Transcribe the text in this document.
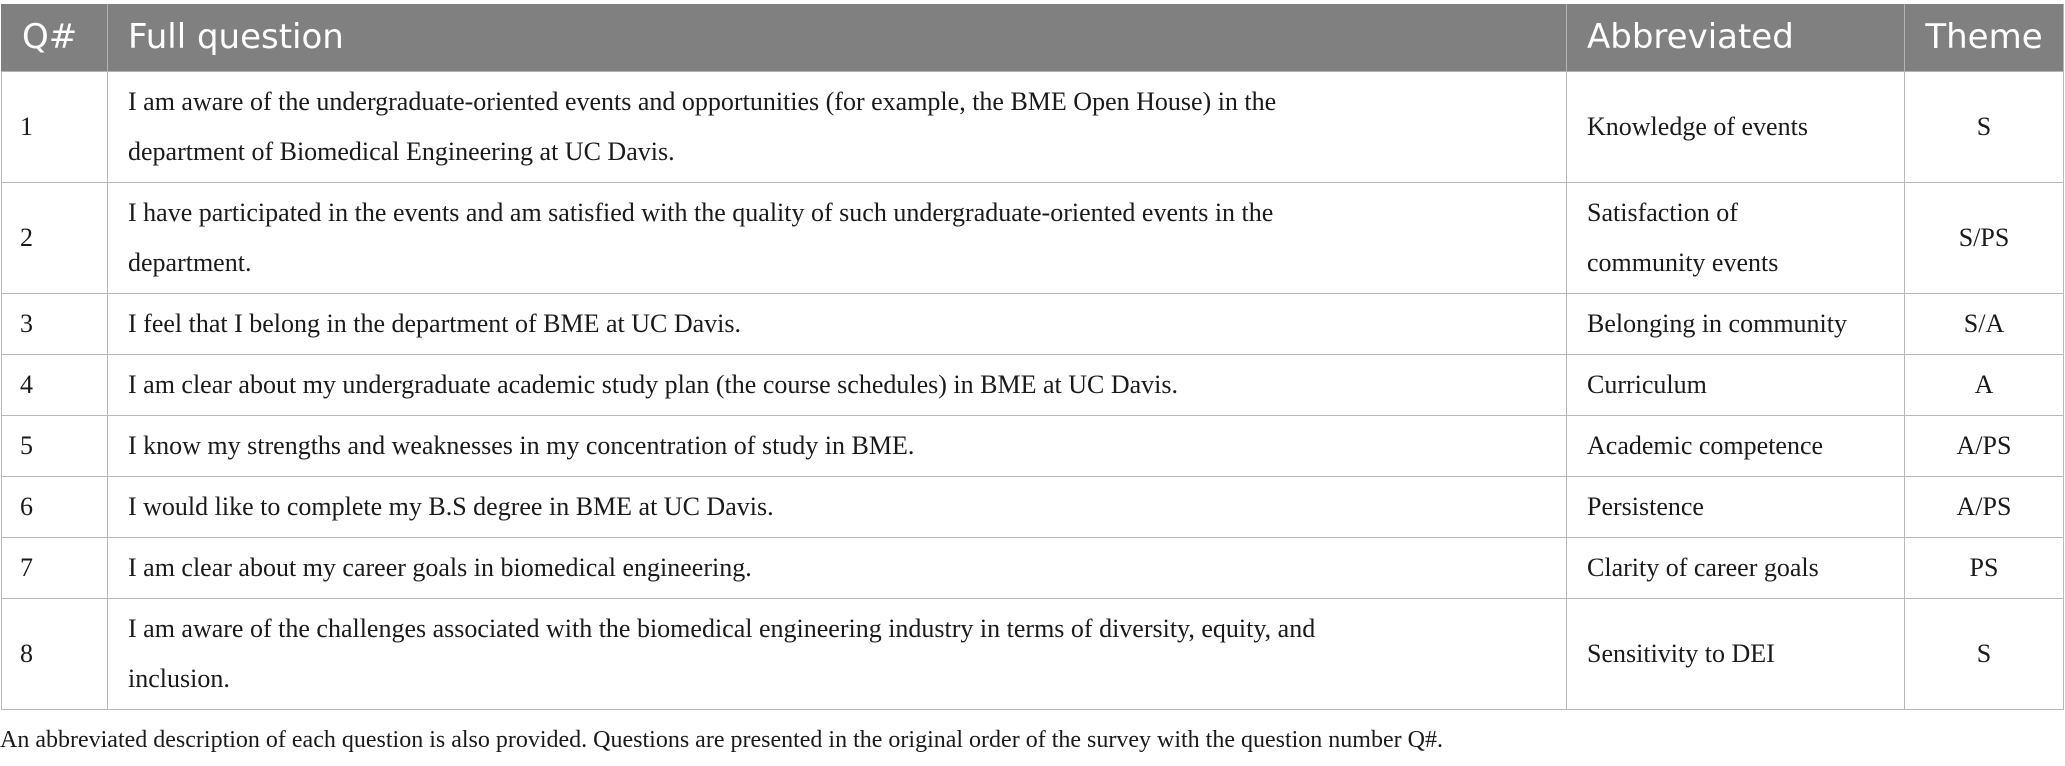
Q#	Full question	Abbreviated	Theme
1	I am aware of the undergraduate-oriented events and opportunities (for example, the BME Open House) in the
department of Biomedical Engineering at UC Davis.	Knowledge of events	S
2	I have participated in the events and am satisfied with the quality of such undergraduate-oriented events in the
department.	Satisfaction of
community events	S/PS
3	I feel that I belong in the department of BME at UC Davis.	Belonging in community	S/A
4	I am clear about my undergraduate academic study plan (the course schedules) in BME at UC Davis.	Curriculum	A
5	I know my strengths and weaknesses in my concentration of study in BME.	Academic competence	A/PS
6	I would like to complete my B.S degree in BME at UC Davis.	Persistence	A/PS
7	I am clear about my career goals in biomedical engineering.	Clarity of career goals	PS
8	I am aware of the challenges associated with the biomedical engineering industry in terms of diversity, equity, and
inclusion.	Sensitivity to DEI	S
An abbreviated description of each question is also provided. Questions are presented in the original order of the survey with the question number Q#.
